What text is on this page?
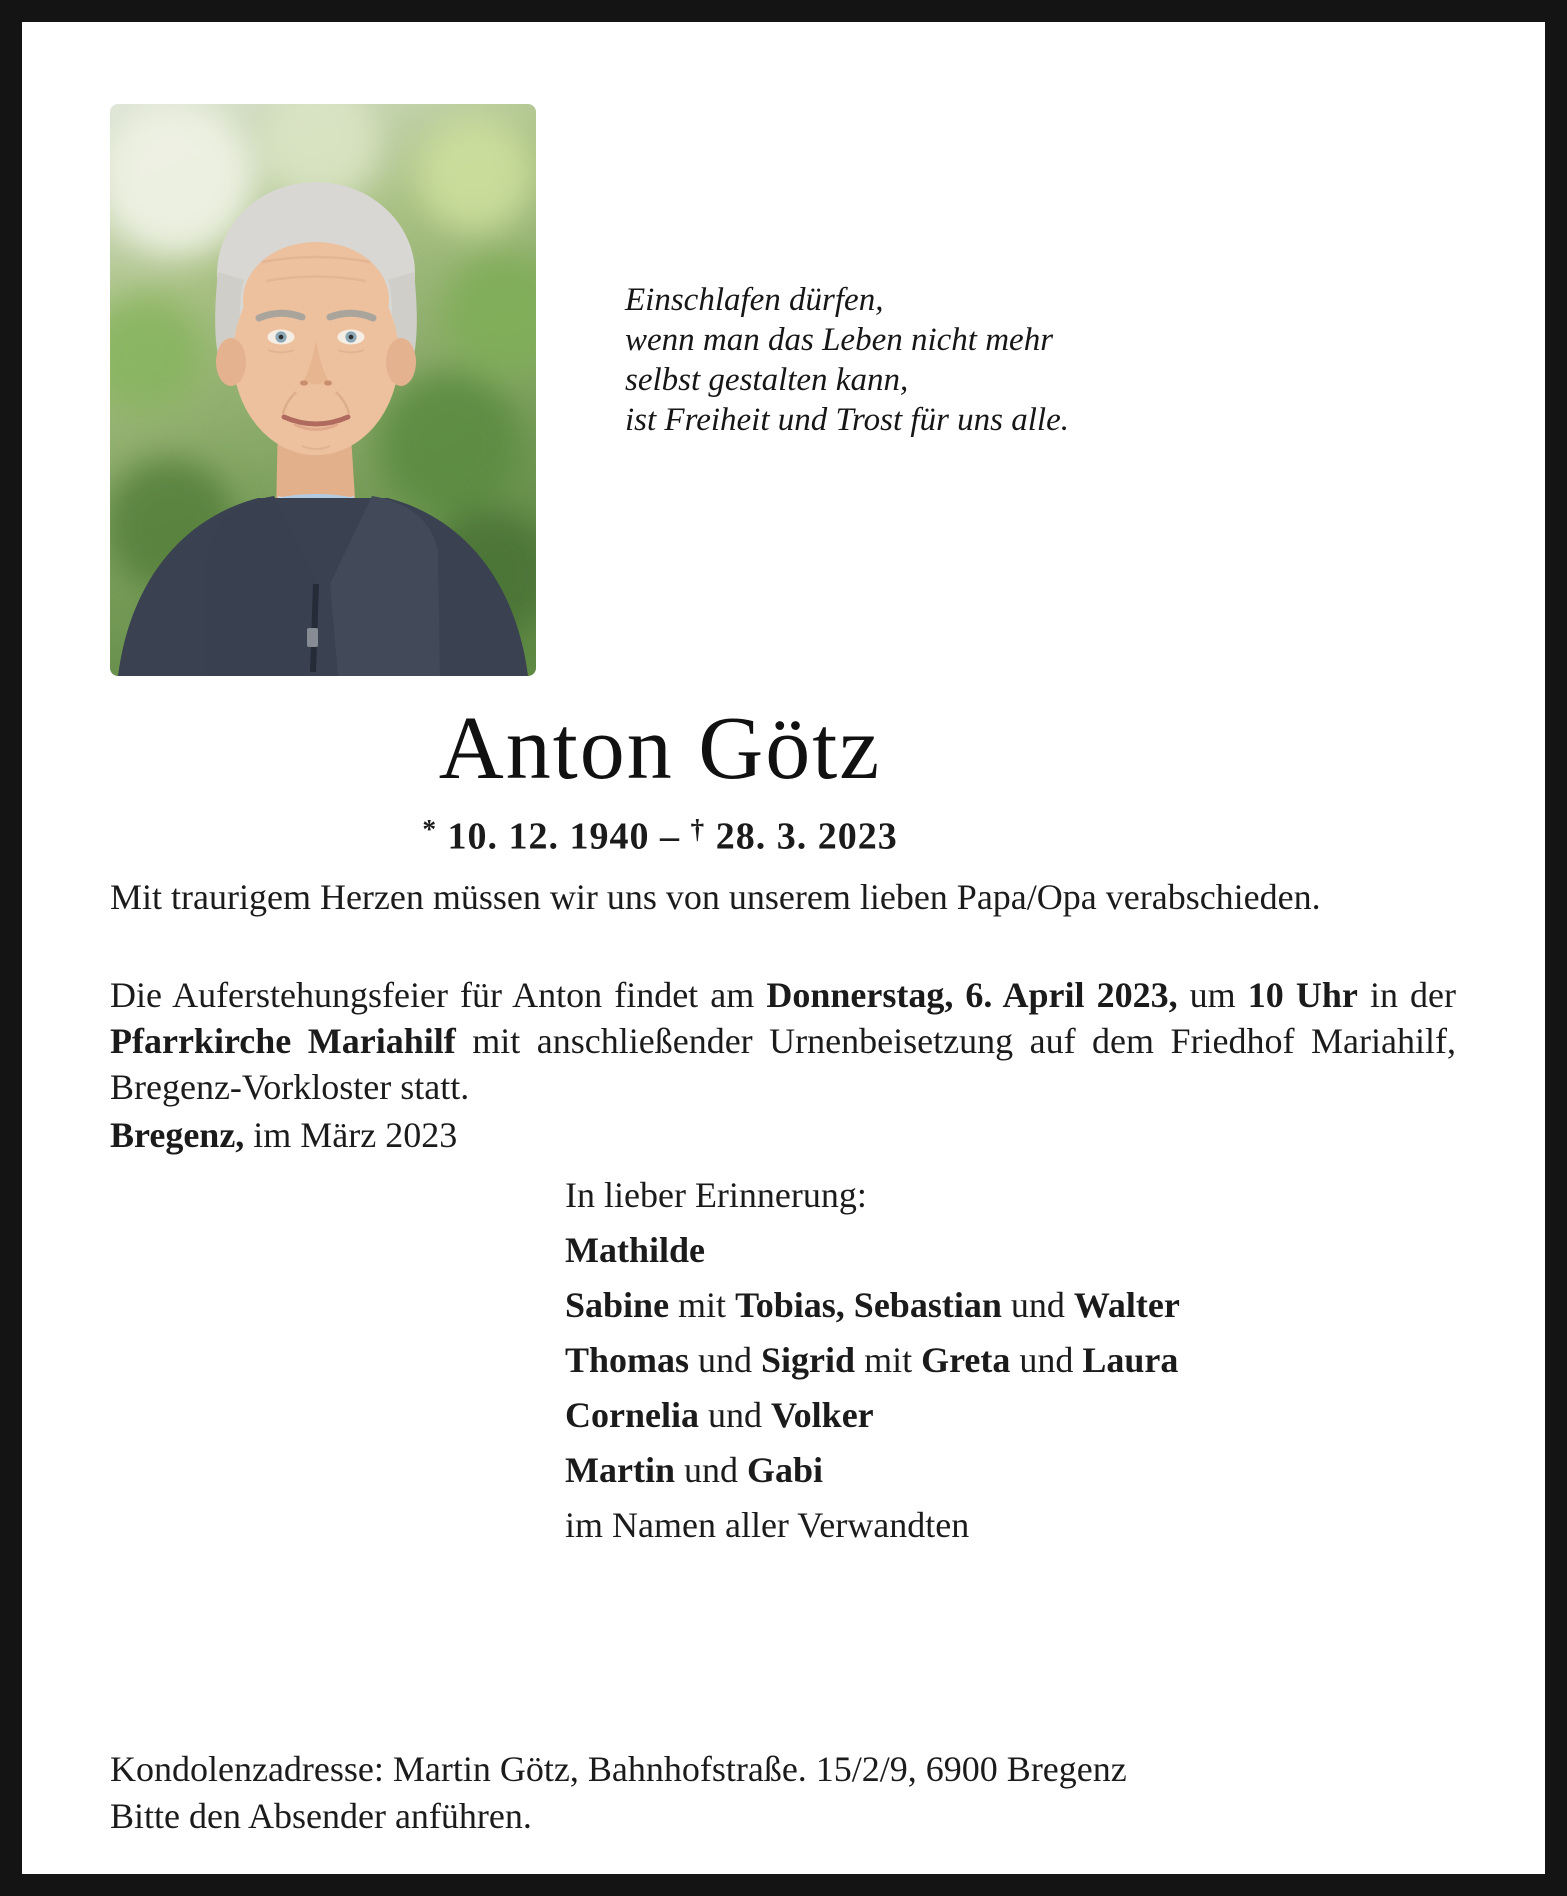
Einschlafen dürfen,
wenn man das Leben nicht mehr
selbst gestalten kann,
ist Freiheit und Trost für uns alle.
Anton Götz

* 10. 12. 1940 – † 28. 3. 2023

Mit traurigem Herzen müssen wir uns von unserem lieben Papa/Opa verabschieden.

Die Auferstehungsfeier für Anton findet am Donnerstag, 6. April 2023, um 10 Uhr in der Pfarrkirche Mariahilf mit anschließender Urnenbeisetzung auf dem Friedhof Mariahilf, Bregenz-Vorkloster statt.

Bregenz, im März 2023

In lieber Erinnerung:

Mathilde

Sabine mit Tobias, Sebastian und Walter

Thomas und Sigrid mit Greta und Laura

Cornelia und Volker

Martin und Gabi

im Namen aller Verwandten

Kondolenzadresse: Martin Götz, Bahnhofstraße. 15/2/9, 6900 Bregenz

Bitte den Absender anführen.
